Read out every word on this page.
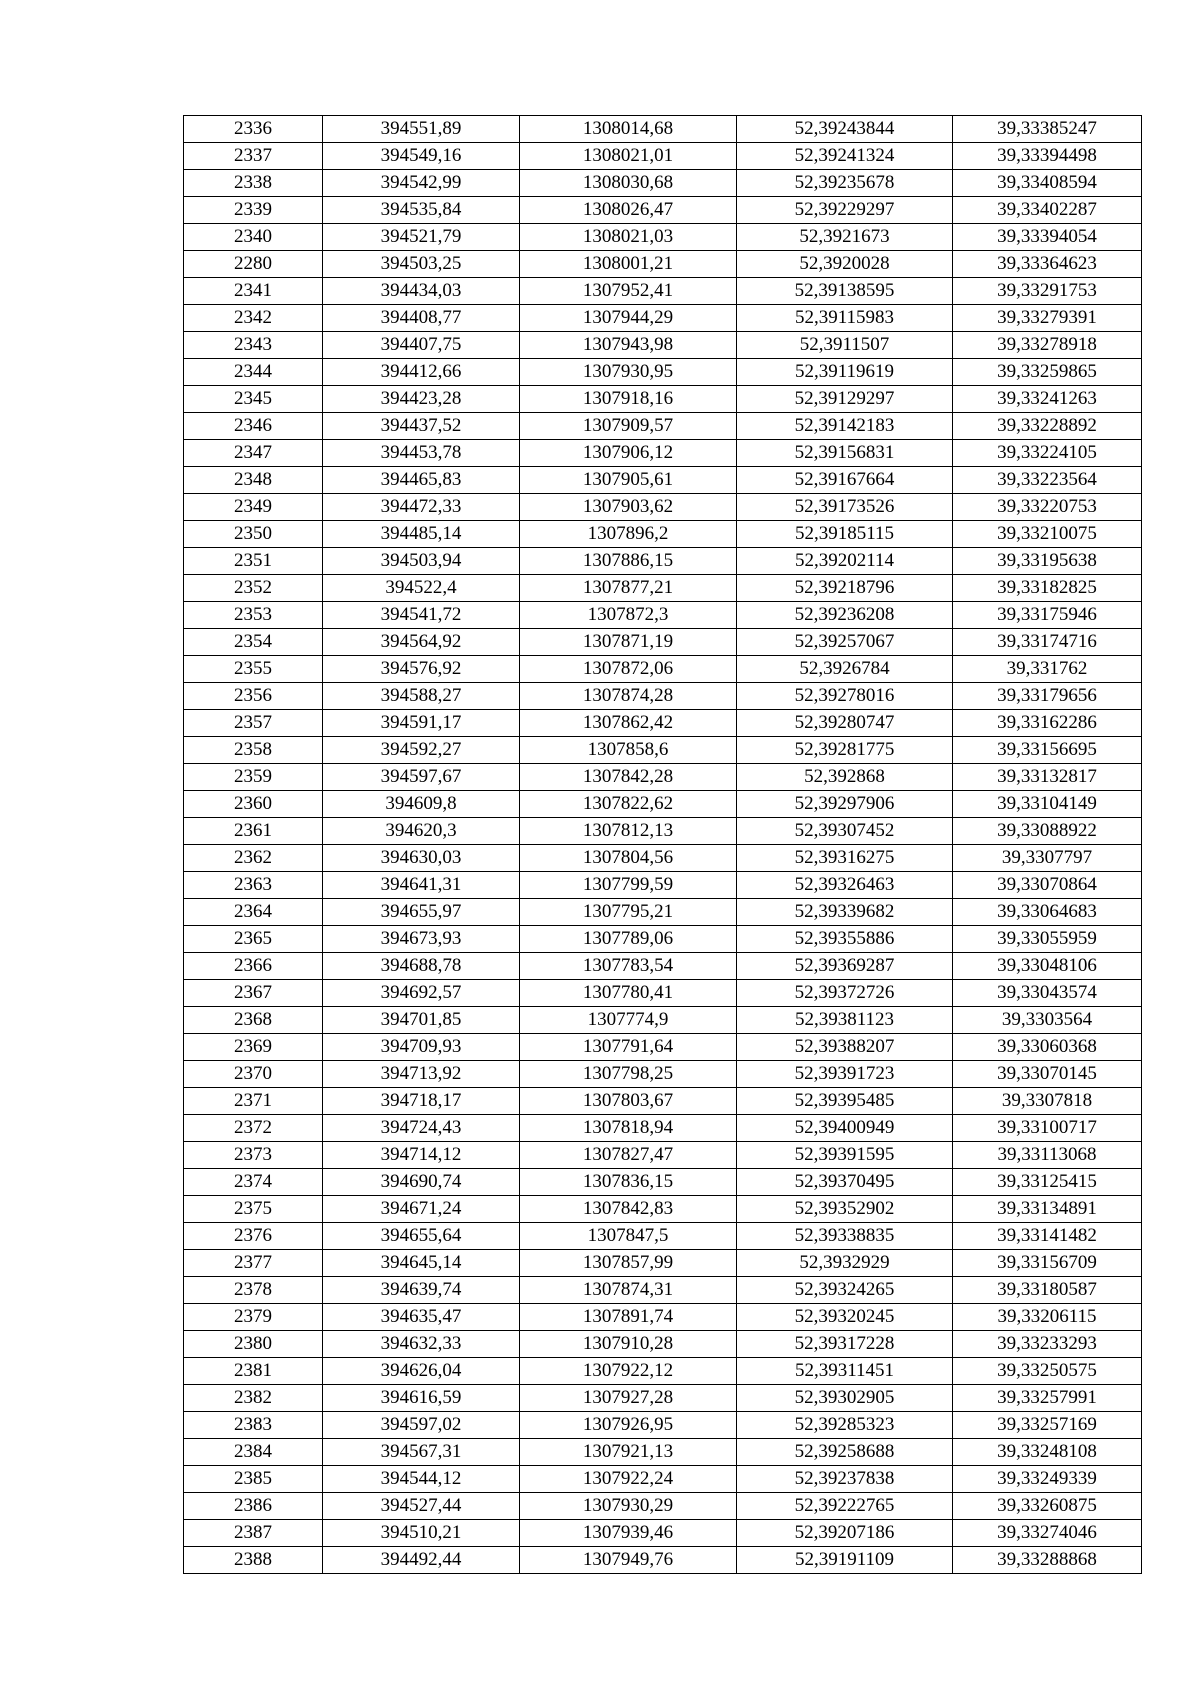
2336	394551,89	1308014,68	52,39243844	39,33385247
2337	394549,16	1308021,01	52,39241324	39,33394498
2338	394542,99	1308030,68	52,39235678	39,33408594
2339	394535,84	1308026,47	52,39229297	39,33402287
2340	394521,79	1308021,03	52,3921673	39,33394054
2280	394503,25	1308001,21	52,3920028	39,33364623
2341	394434,03	1307952,41	52,39138595	39,33291753
2342	394408,77	1307944,29	52,39115983	39,33279391
2343	394407,75	1307943,98	52,3911507	39,33278918
2344	394412,66	1307930,95	52,39119619	39,33259865
2345	394423,28	1307918,16	52,39129297	39,33241263
2346	394437,52	1307909,57	52,39142183	39,33228892
2347	394453,78	1307906,12	52,39156831	39,33224105
2348	394465,83	1307905,61	52,39167664	39,33223564
2349	394472,33	1307903,62	52,39173526	39,33220753
2350	394485,14	1307896,2	52,39185115	39,33210075
2351	394503,94	1307886,15	52,39202114	39,33195638
2352	394522,4	1307877,21	52,39218796	39,33182825
2353	394541,72	1307872,3	52,39236208	39,33175946
2354	394564,92	1307871,19	52,39257067	39,33174716
2355	394576,92	1307872,06	52,3926784	39,331762
2356	394588,27	1307874,28	52,39278016	39,33179656
2357	394591,17	1307862,42	52,39280747	39,33162286
2358	394592,27	1307858,6	52,39281775	39,33156695
2359	394597,67	1307842,28	52,392868	39,33132817
2360	394609,8	1307822,62	52,39297906	39,33104149
2361	394620,3	1307812,13	52,39307452	39,33088922
2362	394630,03	1307804,56	52,39316275	39,3307797
2363	394641,31	1307799,59	52,39326463	39,33070864
2364	394655,97	1307795,21	52,39339682	39,33064683
2365	394673,93	1307789,06	52,39355886	39,33055959
2366	394688,78	1307783,54	52,39369287	39,33048106
2367	394692,57	1307780,41	52,39372726	39,33043574
2368	394701,85	1307774,9	52,39381123	39,3303564
2369	394709,93	1307791,64	52,39388207	39,33060368
2370	394713,92	1307798,25	52,39391723	39,33070145
2371	394718,17	1307803,67	52,39395485	39,3307818
2372	394724,43	1307818,94	52,39400949	39,33100717
2373	394714,12	1307827,47	52,39391595	39,33113068
2374	394690,74	1307836,15	52,39370495	39,33125415
2375	394671,24	1307842,83	52,39352902	39,33134891
2376	394655,64	1307847,5	52,39338835	39,33141482
2377	394645,14	1307857,99	52,3932929	39,33156709
2378	394639,74	1307874,31	52,39324265	39,33180587
2379	394635,47	1307891,74	52,39320245	39,33206115
2380	394632,33	1307910,28	52,39317228	39,33233293
2381	394626,04	1307922,12	52,39311451	39,33250575
2382	394616,59	1307927,28	52,39302905	39,33257991
2383	394597,02	1307926,95	52,39285323	39,33257169
2384	394567,31	1307921,13	52,39258688	39,33248108
2385	394544,12	1307922,24	52,39237838	39,33249339
2386	394527,44	1307930,29	52,39222765	39,33260875
2387	394510,21	1307939,46	52,39207186	39,33274046
2388	394492,44	1307949,76	52,39191109	39,33288868
